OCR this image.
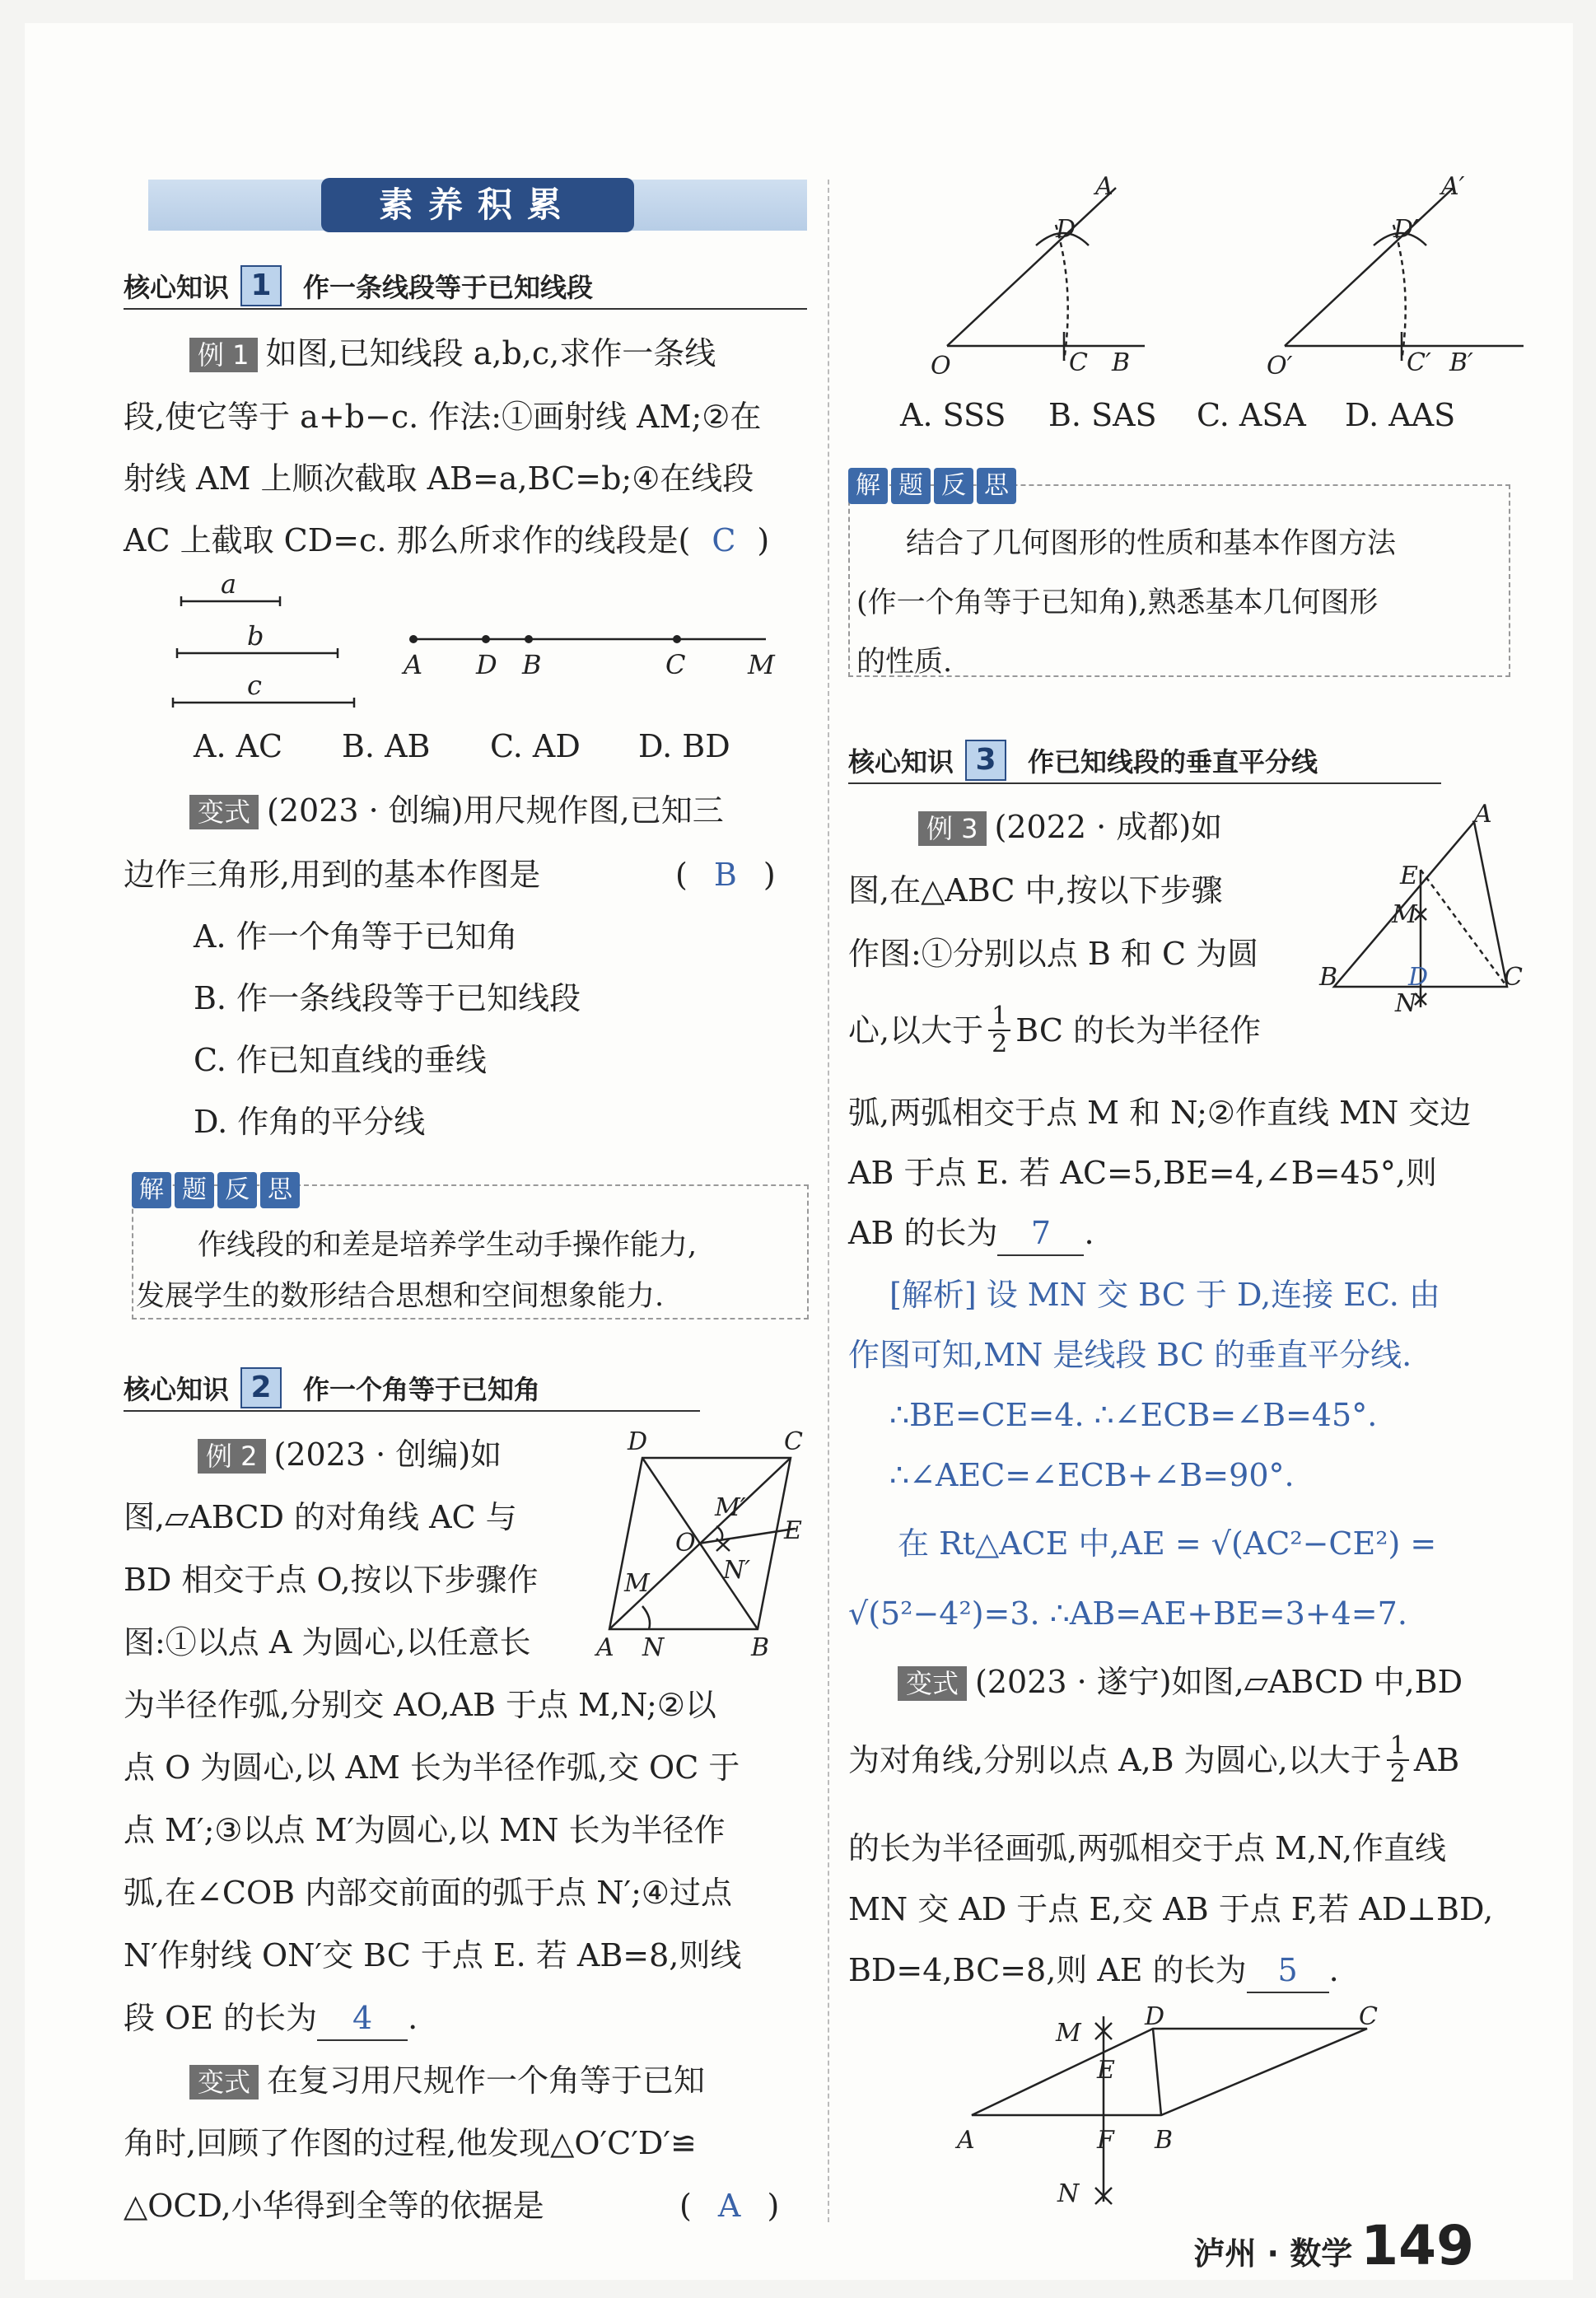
素养积累
核心知识 1	作一条线段等于已知线段
例 1 如图,已知线段 a,b,c,求作一条线
段,使它等于 a+b−c. 作法:①画射线 AM;②在
射线 AM 上顺次截取 AB=a,BC=b;④在线段
AC 上截取 CD=c. 那么所求作的线段是( C )
a
b
c
A D B	C M
A. AC B. AB C. AD D. BD
变式 (2023 · 创编)用尺规作图,已知三
边作三角形,用到的基本作图是	( B )
A. 作一个角等于已知角
B. 作一条线段等于已知线段
C. 作已知直线的垂线
D. 作角的平分线
解 题 反 思
作线段的和差是培养学生动手操作能力,
发展学生的数形结合思想和空间想象能力.
核心知识 2	作一个角等于已知角
例 2 (2023 · 创编)如
图,▱ABCD 的对角线 AC 与
BD 相交于点 O,按以下步骤作
图:①以点 A 为圆心,以任意长
为半径作弧,分别交 AO,AB 于点 M,N;②以
点 O 为圆心,以 AM 长为半径作弧,交 OC 于
点 M′;③以点 M′为圆心,以 MN 长为半径作
弧,在∠COB 内部交前面的弧于点 N′;④过点
N′作射线 ON′交 BC 于点 E. 若 AB=8,则线
段 OE 的长为 4 .
D	C
M′
O	E
N′
M
A N	B
变式 在复习用尺规作一个角等于已知
角时,回顾了作图的过程,他发现△O′C′D′≌
△OCD,小华得到全等的依据是	( A )
A
D
O	C B
A′
D′
O′	C′ B′
A. SSS B. SAS C. ASA D. AAS
解 题 反 思
结合了几何图形的性质和基本作图方法
(作一个角等于已知角),熟悉基本几何图形
的性质.
核心知识 3	作已知线段的垂直平分线
例 3 (2022 · 成都)如
图,在△ABC 中,按以下步骤
作图:①分别以点 B 和 C 为圆
心,以大于 1
2 BC 的长为半径作
弧,两弧相交于点 M 和 N;②作直线 MN 交边
AB 于点 E. 若 AC=5,BE=4,∠B=45°,则
AB 的长为 7 .
A
E
M
B	D	C
N
[解析] 设 MN 交 BC 于 D,连接 EC. 由
作图可知,MN 是线段 BC 的垂直平分线.
∴BE=CE=4. ∴∠ECB=∠B=45°.
∴∠AEC=∠ECB+∠B=90°.
在 Rt△ACE 中,AE = √(AC²−CE²) =
√(5²−4²)=3. ∴AB=AE+BE=3+4=7.
变式 (2023 · 遂宁)如图,▱ABCD 中,BD
为对角线,分别以点 A,B 为圆心,以大于 1
2 AB
的长为半径画弧,两弧相交于点 M,N,作直线
MN 交 AD 于点 E,交 AB 于点 F,若 AD⊥BD,
BD=4,BC=8,则 AE 的长为 5 .
M
D	C
E
A	F B
N
泸州 · 数学 149
